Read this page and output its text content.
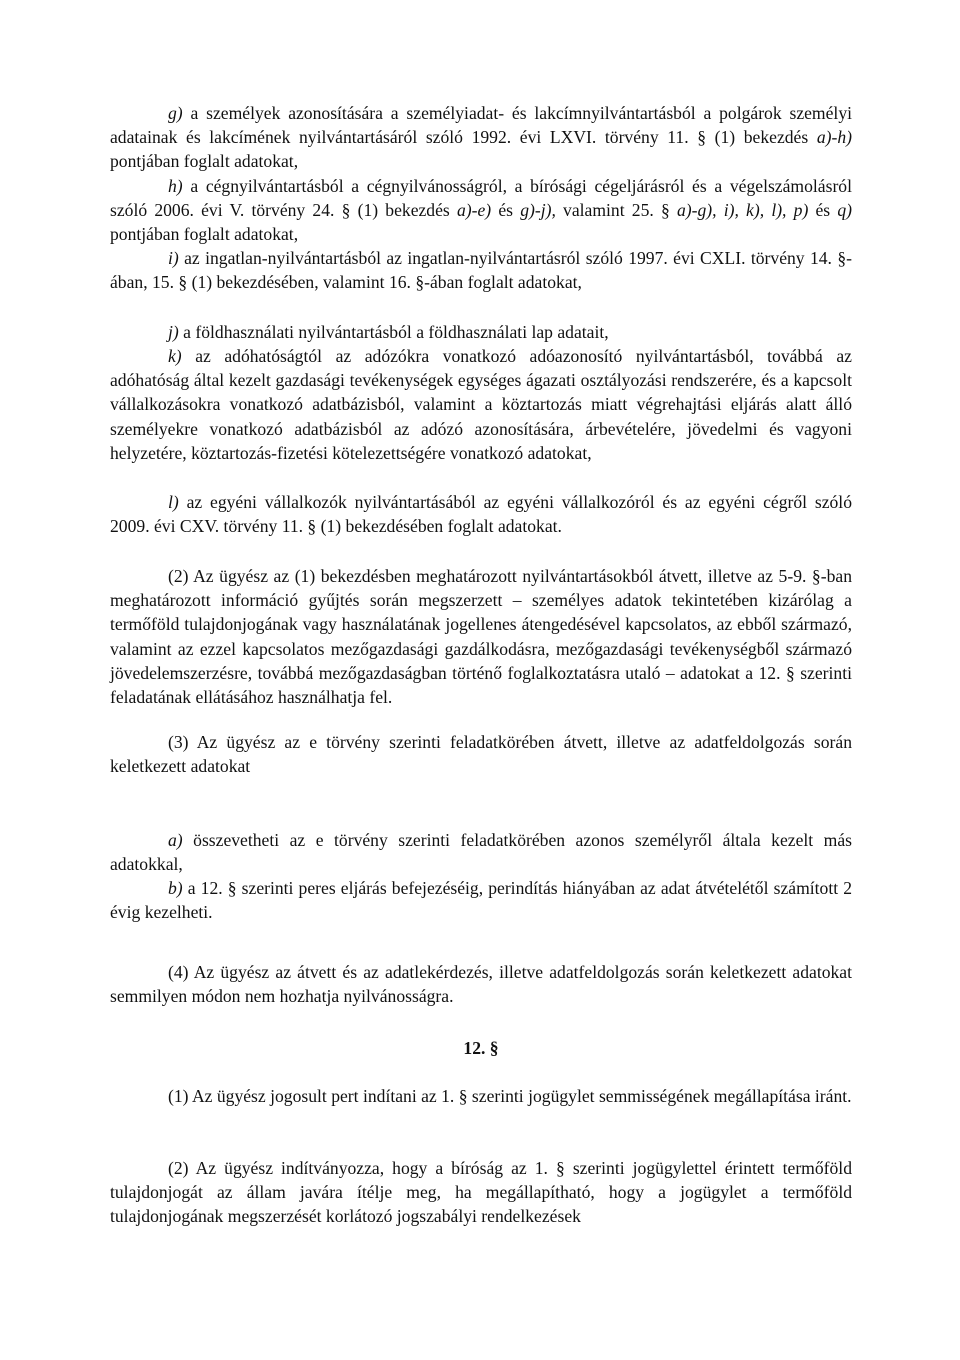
g) a személyek azonosítására a személyiadat- és lakcímnyilvántartásból a polgárok személyi adatainak és lakcímének nyilvántartásáról szóló 1992. évi LXVI. törvény 11. § (1) bekezdés a)-h) pontjában foglalt adatokat,

h) a cégnyilvántartásból a cégnyilvánosságról, a bírósági cégeljárásról és a végelszámolásról szóló 2006. évi V. törvény 24. § (1) bekezdés a)-e) és g)-j), valamint 25. § a)-g), i), k), l), p) és q) pontjában foglalt adatokat,

i) az ingatlan-nyilvántartásból az ingatlan-nyilvántartásról szóló 1997. évi CXLI. törvény 14. §-ában, 15. § (1) bekezdésében, valamint 16. §-ában foglalt adatokat,

j) a földhasználati nyilvántartásból a földhasználati lap adatait,

k) az adóhatóságtól az adózókra vonatkozó adóazonosító nyilvántartásból, továbbá az adóhatóság által kezelt gazdasági tevékenységek egységes ágazati osztályozási rendszerére, és a kapcsolt vállalkozásokra vonatkozó adatbázisból, valamint a köztartozás miatt végrehajtási eljárás alatt álló személyekre vonatkozó adatbázisból az adózó azonosítására, árbevételére, jövedelmi és vagyoni helyzetére, köztartozás-fizetési kötelezettségére vonatkozó adatokat,

l) az egyéni vállalkozók nyilvántartásából az egyéni vállalkozóról és az egyéni cégről szóló 2009. évi CXV. törvény 11. § (1) bekezdésében foglalt adatokat.

(2) Az ügyész az (1) bekezdésben meghatározott nyilvántartásokból átvett, illetve az 5-9. §-ban meghatározott információ gyűjtés során megszerzett – személyes adatok tekintetében kizárólag a termőföld tulajdonjogának vagy használatának jogellenes átengedésével kapcsolatos, az ebből származó, valamint az ezzel kapcsolatos mezőgazdasági gazdálkodásra, mezőgazdasági tevékenységből származó jövedelemszerzésre, továbbá mezőgazdaságban történő foglalkoztatásra utaló – adatokat a 12. § szerinti feladatának ellátásához használhatja fel.

(3) Az ügyész az e törvény szerinti feladatkörében átvett, illetve az adatfeldolgozás során keletkezett adatokat

a) összevetheti az e törvény szerinti feladatkörében azonos személyről általa kezelt más adatokkal,

b) a 12. § szerinti peres eljárás befejezéséig, perindítás hiányában az adat átvételétől számított 2 évig kezelheti.

(4) Az ügyész az átvett és az adatlekérdezés, illetve adatfeldolgozás során keletkezett adatokat semmilyen módon nem hozhatja nyilvánosságra.

12. §

(1) Az ügyész jogosult pert indítani az 1. § szerinti jogügylet semmisségének megállapítása iránt.

(2) Az ügyész indítványozza, hogy a bíróság az 1. § szerinti jogügylettel érintett termőföld tulajdonjogát az állam javára ítélje meg, ha megállapítható, hogy a jogügylet a termőföld tulajdonjogának megszerzését korlátozó jogszabályi rendelkezések
